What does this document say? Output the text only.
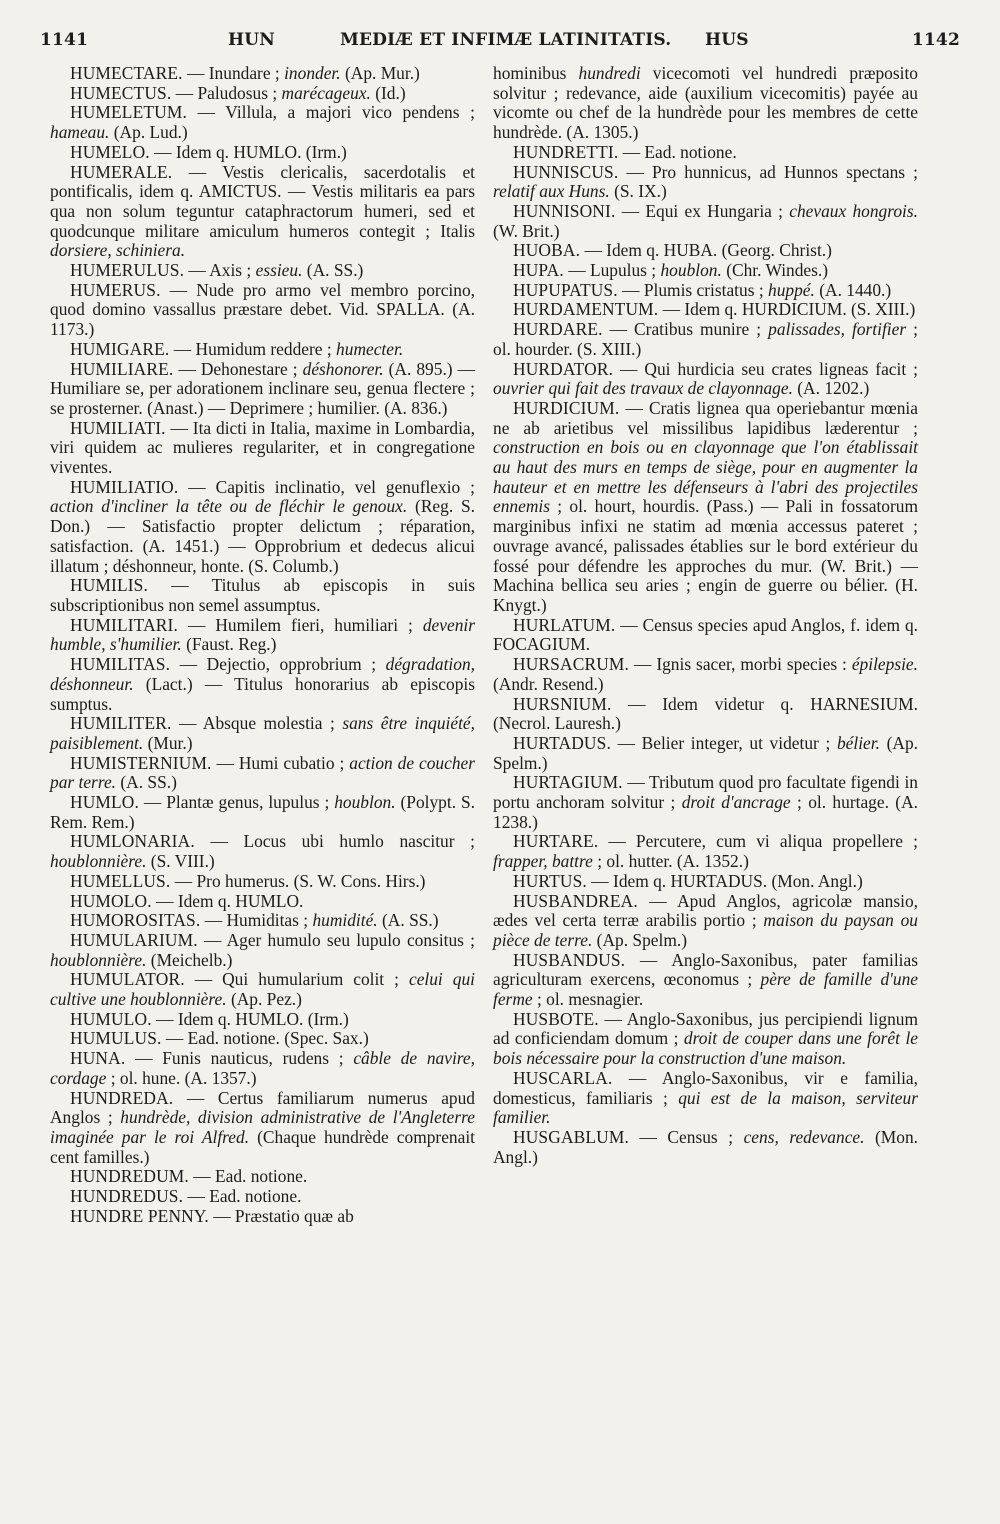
1141	HUN	MEDIÆ ET INFIMÆ LATINITATIS. HUS	1142

HUMECTARE. — Inundare ; inonder. (Ap. Mur.)

HUMECTUS. — Paludosus ; marécageux. (Id.)

HUMELETUM. — Villula, a majori vico pendens ; hameau. (Ap. Lud.)

HUMELO. — Idem q. HUMLO. (Irm.)

HUMERALE. — Vestis clericalis, sacerdotalis et pontificalis, idem q. AMICTUS. — Vestis militaris ea pars qua non solum teguntur cataphractorum humeri, sed et quodcunque militare amiculum humeros contegit ; Italis dorsiere, schiniera.

HUMERULUS. — Axis ; essieu. (A. SS.)

HUMERUS. — Nude pro armo vel membro porcino, quod domino vassallus præstare debet. Vid. SPALLA. (A. 1173.)

HUMIGARE. — Humidum reddere ; humecter.

HUMILIARE. — Dehonestare ; déshonorer. (A. 895.) — Humiliare se, per adorationem inclinare seu, genua flectere ; se prosterner. (Anast.) — Deprimere ; humilier. (A. 836.)

HUMILIATI. — Ita dicti in Italia, maxime in Lombardia, viri quidem ac mulieres regulariter, et in congregatione viventes.

HUMILIATIO. — Capitis inclinatio, vel genuflexio ; action d'incliner la tête ou de fléchir le genoux. (Reg. S. Don.) — Satisfactio propter delictum ; réparation, satisfaction. (A. 1451.) — Opprobrium et dedecus alicui illatum ; déshonneur, honte. (S. Columb.)

HUMILIS. — Titulus ab episcopis in suis subscriptionibus non semel assumptus.

HUMILITARI. — Humilem fieri, humiliari ; devenir humble, s'humilier. (Faust. Reg.)

HUMILITAS. — Dejectio, opprobrium ; dégradation, déshonneur. (Lact.) — Titulus honorarius ab episcopis sumptus.

HUMILITER. — Absque molestia ; sans être inquiété, paisiblement. (Mur.)

HUMISTERNIUM. — Humi cubatio ; action de coucher par terre. (A. SS.)

HUMLO. — Plantæ genus, lupulus ; houblon. (Polypt. S. Rem. Rem.)

HUMLONARIA. — Locus ubi humlo nascitur ; houblonnière. (S. VIII.)

HUMELLUS. — Pro humerus. (S. W. Cons. Hirs.)

HUMOLO. — Idem q. HUMLO.

HUMOROSITAS. — Humiditas ; humidité. (A. SS.)

HUMULARIUM. — Ager humulo seu lupulo consitus ; houblonnière. (Meichelb.)

HUMULATOR. — Qui humularium colit ; celui qui cultive une houblonnière. (Ap. Pez.)

HUMULO. — Idem q. HUMLO. (Irm.)

HUMULUS. — Ead. notione. (Spec. Sax.)

HUNA. — Funis nauticus, rudens ; câble de navire, cordage ; ol. hune. (A. 1357.)

HUNDREDA. — Certus familiarum numerus apud Anglos ; hundrède, division administrative de l'Angleterre imaginée par le roi Alfred. (Chaque hundrède comprenait cent familles.)

HUNDREDUM. — Ead. notione.

HUNDREDUS. — Ead. notione.

HUNDRE PENNY. — Præstatio quæ ab

hominibus hundredi vicecomoti vel hundredi præposito solvitur ; redevance, aide (auxilium vicecomitis) payée au vicomte ou chef de la hundrède pour les membres de cette hundrède. (A. 1305.)

HUNDRETTI. — Ead. notione.

HUNNISCUS. — Pro hunnicus, ad Hunnos spectans ; relatif aux Huns. (S. IX.)

HUNNISONI. — Equi ex Hungaria ; chevaux hongrois. (W. Brit.)

HUOBA. — Idem q. HUBA. (Georg. Christ.)

HUPA. — Lupulus ; houblon. (Chr. Windes.)

HUPUPATUS. — Plumis cristatus ; huppé. (A. 1440.)

HURDAMENTUM. — Idem q. HURDICIUM. (S. XIII.)

HURDARE. — Cratibus munire ; palissades, fortifier ; ol. hourder. (S. XIII.)

HURDATOR. — Qui hurdicia seu crates ligneas facit ; ouvrier qui fait des travaux de clayonnage. (A. 1202.)

HURDICIUM. — Cratis lignea qua operiebantur mœnia ne ab arietibus vel missilibus lapidibus læderentur ; construction en bois ou en clayonnage que l'on établissait au haut des murs en temps de siège, pour en augmenter la hauteur et en mettre les défenseurs à l'abri des projectiles ennemis ; ol. hourt, hourdis. (Pass.) — Pali in fossatorum marginibus infixi ne statim ad mœnia accessus pateret ; ouvrage avancé, palissades établies sur le bord extérieur du fossé pour défendre les approches du mur. (W. Brit.) — Machina bellica seu aries ; engin de guerre ou bélier. (H. Knygt.)

HURLATUM. — Census species apud Anglos, f. idem q. FOCAGIUM.

HURSACRUM. — Ignis sacer, morbi species : épilepsie. (Andr. Resend.)

HURSNIUM. — Idem videtur q. HARNESIUM. (Necrol. Lauresh.)

HURTADUS. — Belier integer, ut videtur ; bélier. (Ap. Spelm.)

HURTAGIUM. — Tributum quod pro facultate figendi in portu anchoram solvitur ; droit d'ancrage ; ol. hurtage. (A. 1238.)

HURTARE. — Percutere, cum vi aliqua propellere ; frapper, battre ; ol. hutter. (A. 1352.)

HURTUS. — Idem q. HURTADUS. (Mon. Angl.)

HUSBANDREA. — Apud Anglos, agricolæ mansio, ædes vel certa terræ arabilis portio ; maison du paysan ou pièce de terre. (Ap. Spelm.)

HUSBANDUS. — Anglo-Saxonibus, pater familias agriculturam exercens, œconomus ; père de famille d'une ferme ; ol. mesnagier.

HUSBOTE. — Anglo-Saxonibus, jus percipiendi lignum ad conficiendam domum ; droit de couper dans une forêt le bois nécessaire pour la construction d'une maison.

HUSCARLA. — Anglo-Saxonibus, vir e familia, domesticus, familiaris ; qui est de la maison, serviteur familier.

HUSGABLUM. — Census ; cens, redevance. (Mon. Angl.)
